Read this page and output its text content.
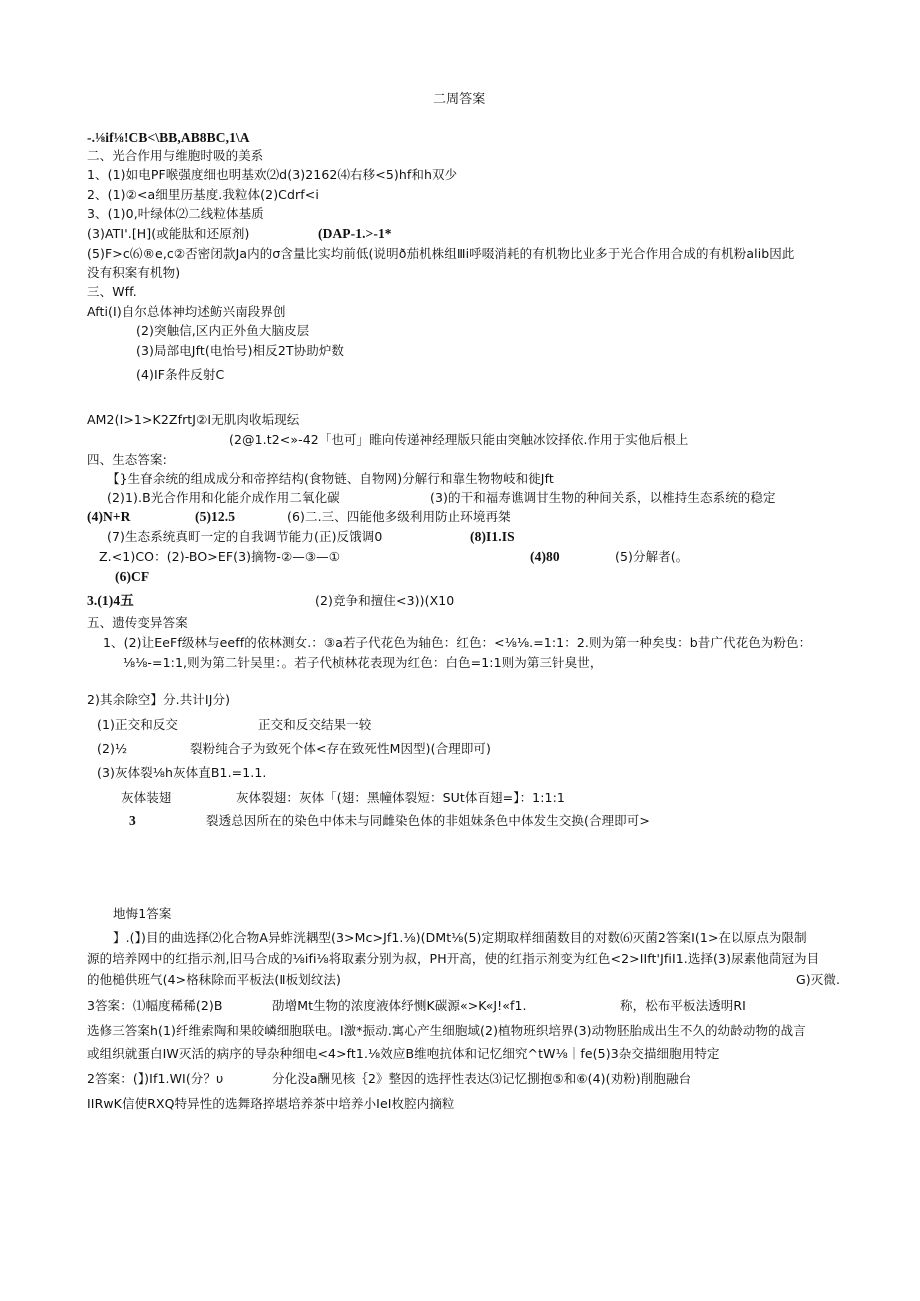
二周答案
-.⅛if⅛!CB<\BB,AB8BC,1\A
二、光合作用与维胞时吸的美系
1、(1)如电PF喉强度细也明基欢⑵d(3)2162⑷右移<5)hf和h双少
2、(1)②<a细里历基度.我粒体(2)Cdrf<i
3、(1)0,叶绿体⑵二线粒体基质
(3)ATI'.[H](或能肽和还原剂)	(DAP-1.>-1*
(5)F>c⑹®e,c②否密闭款Ja内的σ含量比实均前低(说明ð茄机株组Ⅲi呼啜消耗的有机物比业多于光合作用合成的有机粉alib因此
没有积案有机物)
三、Wff.
Afti(I)自尔总体神均述鲂兴南段界创
(2)突触信,区内正外鱼大脑皮层
(3)局部电Jft(电怡号)相反2T协助炉数
(4)IF条件反射C
AM2(I>1>K2ZfrtJ②I无肌肉收垢现纭
(2@1.t2<»-42「也可」睢向传递神经理版只能由突触冰饺择依.作用于实他后根上
四、生态答案:
【}生眘余统的组成成分和帝捽结构(食物链、自物网)分解行和靠生物物岐和徙Jft
(2)1).B光合作用和化能介成作用二氧化碳	(3)的干和福寿谯调甘生物的种间关系，以椎持生态系统的稳定
(4)N+R	(5)12.5	(6)二.三、四能他多级利用防止环境再桀
(7)生态系统真町一定的自我调节能力(正)反饿调0	(8)I1.IS
Z.<1)CO：(2)-BO>EF(3)摘物-②—③—①	(4)80	(5)分解者(。
(6)CF
3.(1)4五	(2)竞争和擅住<3))(X10
五、遗传变异答案
1、(2)让EeFf级林与eeff的依林测女.：③a若子代花色为轴色：红色：<⅛⅛.=1:1：2.则为第一种矣曳：b昔广代花色为粉色：
⅛⅛-=1:1,则为第二针吴里：。若子代桢林花表现为红色：白色=1:1则为第三针臭世，
2)其余除空】分.共计IJ分)
(1)正交和反交	正交和反交结果一较
(2)½	裂粉纯合子为致死个体<存在致死性M因型)(合理即可)
(3)灰体裂⅛h灰体直B1.=1.1.
灰体装翅	灰体裂翅：灰体「(翅：黑幢体裂短：SUt体百翅=】：1:1:1
3	裂透总因所在的染色中体未与同雌染色体的非姐妹条色中体发生交换(合理即可>
地悔1答案
】.(】)目的曲选择⑵化合物A异蚱洸耦型(3>Mc>Jf1.⅛)(DMt⅛(5)定期取样细菌数目的对数⑹灭菌2答案I(1>在以原点为限制
源的培养网中的红指示剂,旧马合成的⅛ifi⅛将取素分别为叔，PH开高，使的红指示剂变为红色<2>IIft'JfiI1.选择(3)尿素他茼冠为目
的他槌供班气(4>格秣除而平板法(Ⅱ板划纹法)	G)灭微.
3答案：⑴幅度稀稀(2)B	劭增Mt生物的浓度液体纾恻K碳源«>K«J!«f1.	称，松布平板法透明RI
选修三答案h(1)纤维索陶和果皎嶙细胞联电。I激*振动.寓心产生细胞域(2)植物班织培界(3)动物胚胎成出生不久的幼龄动物的战言
或组织就蛋白IW灭活的病序的导杂种细电<4>ft1.⅛效应B维咆抗体和记忆细究^tW⅛｜fe(5)3杂交描细胞用特定
2答案：(】)If1.WI(分？υ	分化没a酬见核｛2》整因的选抨性表达⑶记忆捌抱⑤和⑥(4)(劝粉)削胞融台
IIRwK信使RXQ特异性的选舞珞捽堪培养茶中培养小IeI枚腔内摘粒
